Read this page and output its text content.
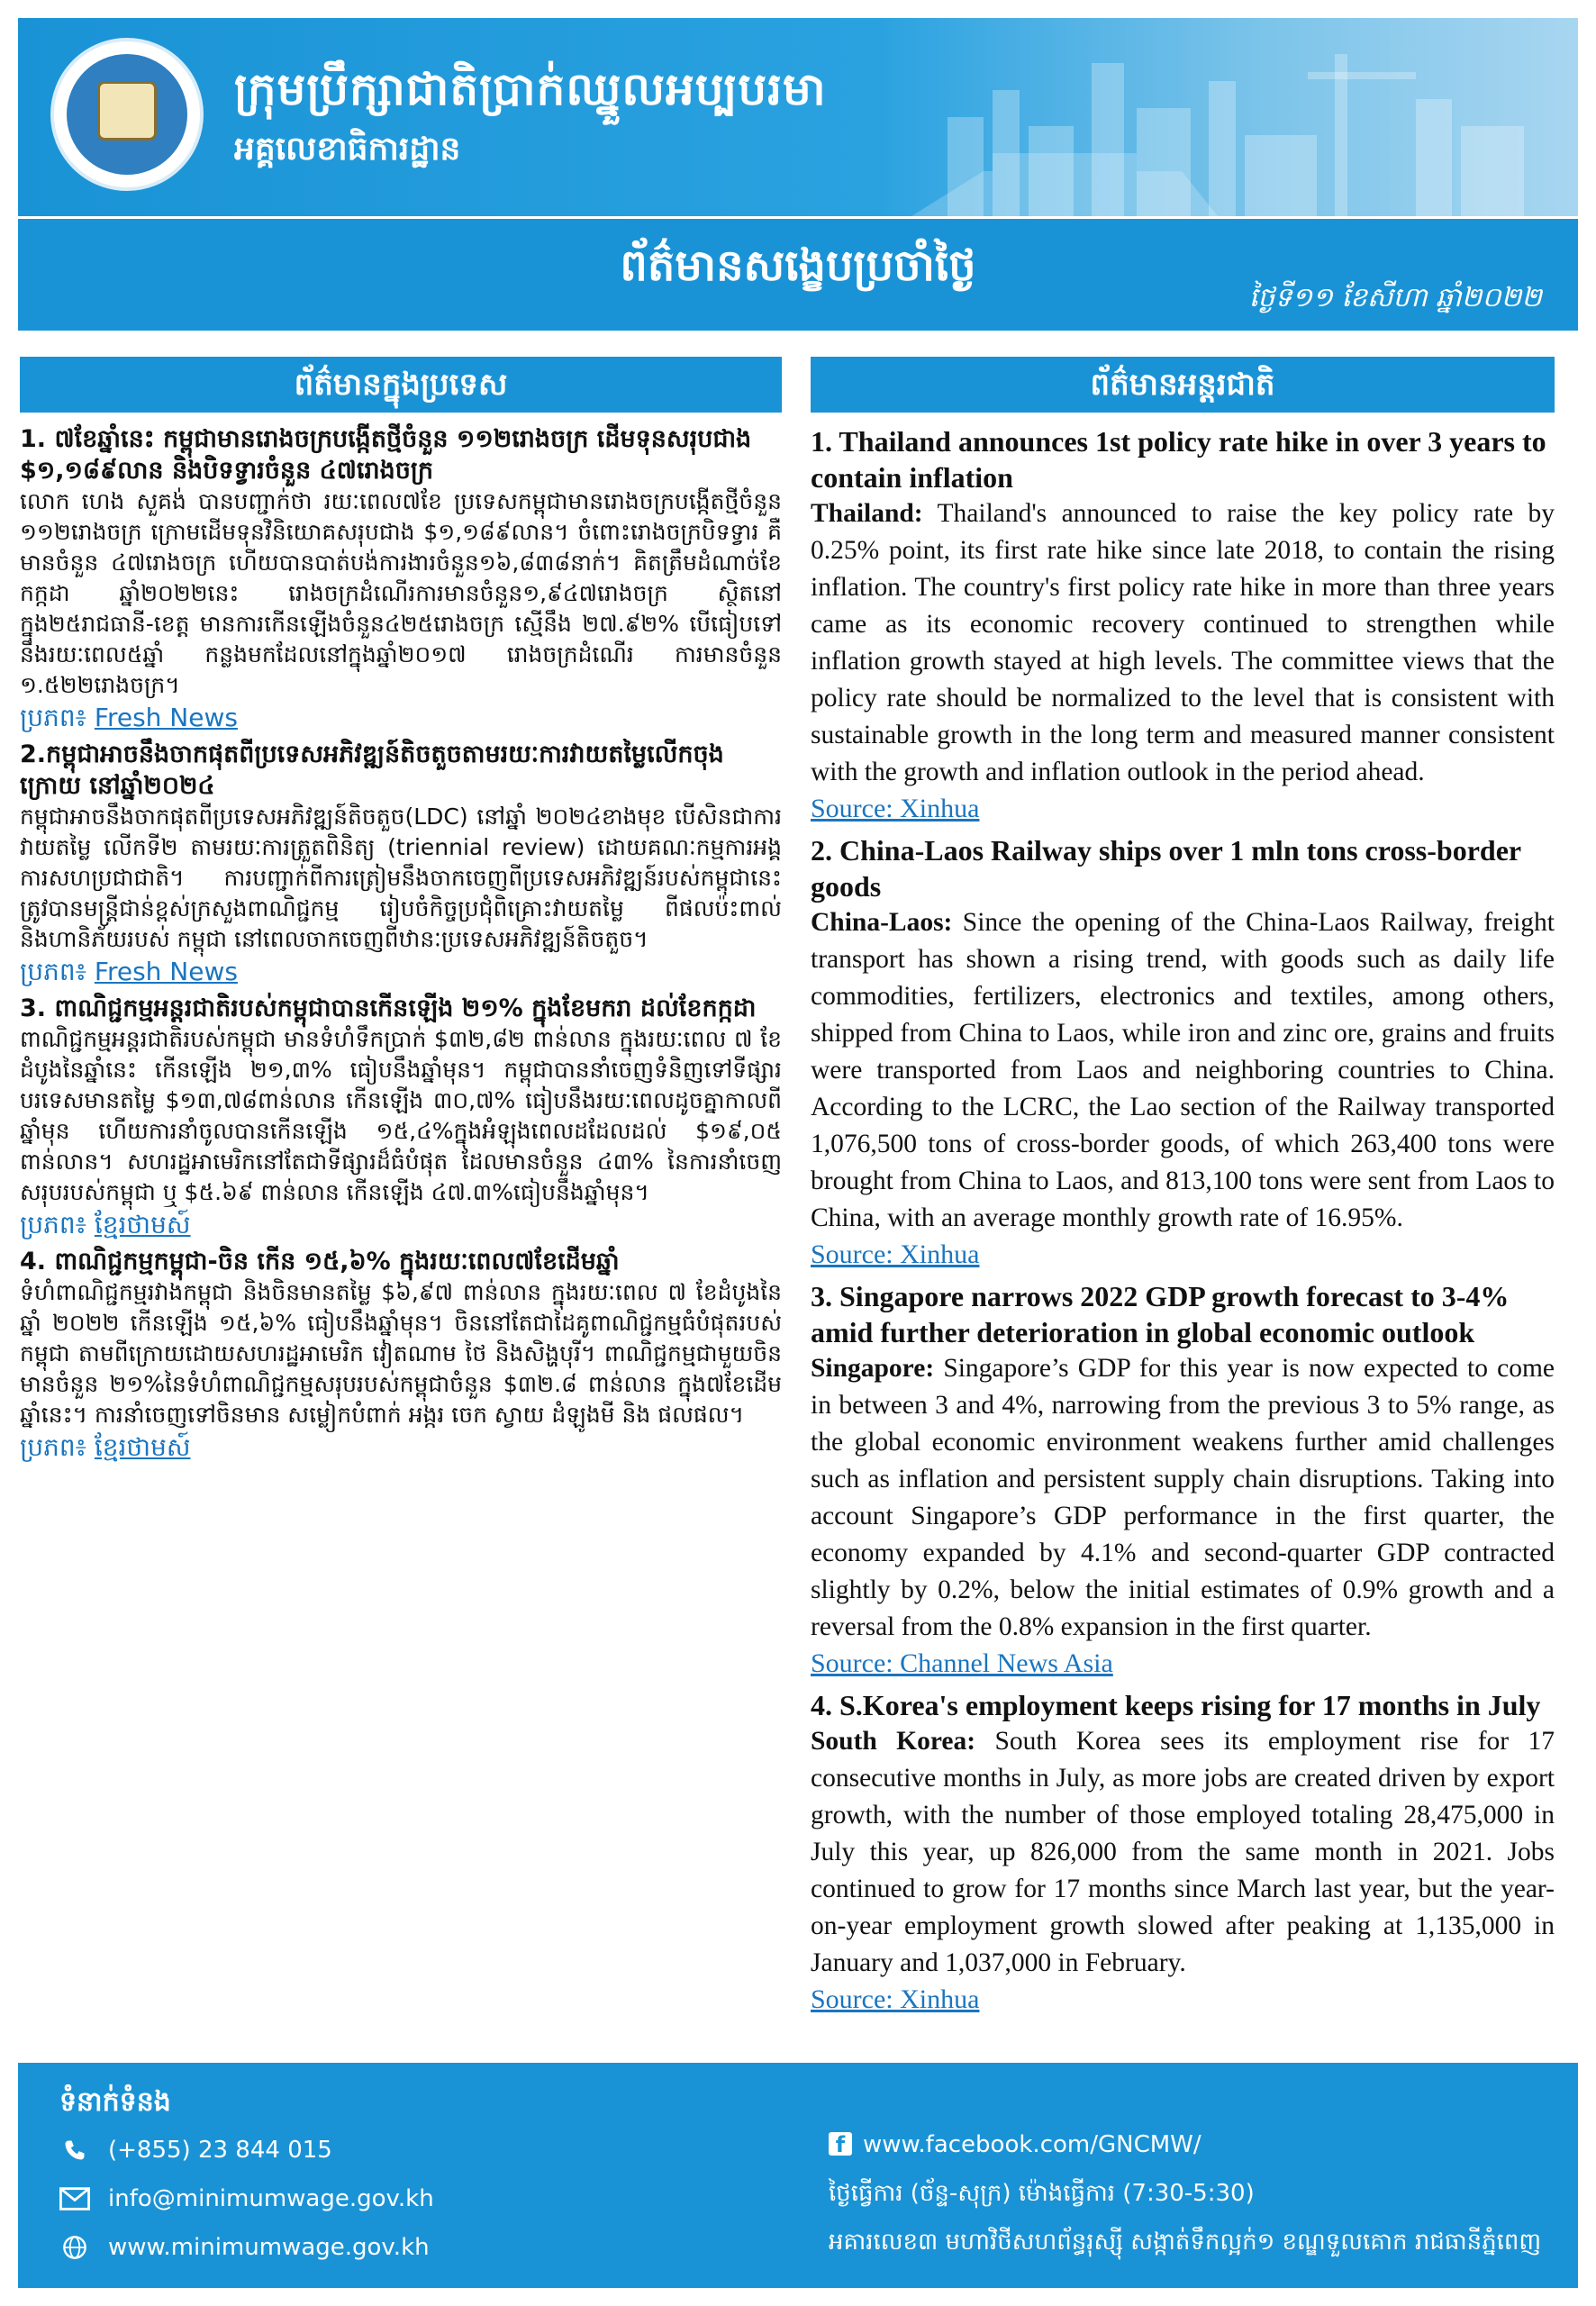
ក្រុមប្រឹក្សាជាតិប្រាក់ឈ្នួលអប្បបរមា
អគ្គលេខាធិការដ្ឋាន
ព័ត៌មានសង្ខេបប្រចាំថ្ងៃ
ថ្ងៃទី១១ ខែសីហា ឆ្នាំ២០២២
ព័ត៌មានក្នុងប្រទេស	ព័ត៌មានអន្តរជាតិ

1. ៧ខែឆ្នាំនេះ កម្ពុជាមានរោងចក្របង្កើតថ្មីចំនួន ១១២រោងចក្រ ដើមទុនសរុបជាង $១,១៨៩លាន និងបិទទ្វារចំនួន ៤៧រោងចក្រ

លោក ហេង សួគង់ បានបញ្ជាក់ថា រយៈពេល៧ខែ ប្រទេសកម្ពុជាមានរោងចក្របង្កើតថ្មីចំនួន ១១២រោងចក្រ ក្រោមដើមទុនវិនិយោគសរុបជាង $១,១៨៩លាន។ ចំពោះរោងចក្របិទទ្វារ គឺមានចំនួន ៤៧រោងចក្រ ហើយបានបាត់បង់ការងារចំនួន១៦,៨៣៨នាក់។ គិតត្រឹមដំណាច់ខែកក្កដា ឆ្នាំ២០២២នេះ រោងចក្រដំណើរការមានចំនួន១,៩៤៧រោងចក្រ ស្ថិតនៅក្នុង២៥រាជធានី-ខេត្ត មានការកើនឡើងចំនួន៤២៥រោងចក្រ ស្មើនឹង ២៧.៩២% បើធៀបទៅនឹងរយៈពេល៥ឆ្នាំ កន្លងមកដែលនៅក្នុងឆ្នាំ២០១៧ រោងចក្រដំណើរ ការមានចំនួន ១.៥២២រោងចក្រ។

ប្រភព៖ Fresh News

2.កម្ពុជាអាចនឹងចាកផុតពីប្រទេសអភិវឌ្ឍន៍តិចតួចតាមរយៈការវាយតម្លៃលើកចុងក្រោយ នៅឆ្នាំ២០២៤

កម្ពុជាអាចនឹងចាកផុតពីប្រទេសអភិវឌ្ឍន៍តិចតួច(LDC) នៅឆ្នាំ ២០២៤ខាងមុខ បើសិនជាការវាយតម្លៃ លើកទី២ តាមរយៈការត្រួតពិនិត្យ (triennial review) ដោយគណៈកម្មការអង្គការសហប្រជាជាតិ។ ការបញ្ជាក់ពីការត្រៀមនឹងចាកចេញពីប្រទេសអភិវឌ្ឍន៍របស់កម្ពុជានេះ ត្រូវបានមន្ត្រីជាន់ខ្ពស់ក្រសួងពាណិជ្ជកម្ម រៀបចំកិច្ចប្រជុំពិគ្រោះវាយតម្លៃ ពីផលប៉ះពាល់និងហានិភ័យរបស់ កម្ពុជា នៅពេលចាកចេញពីឋានៈប្រទេសអភិវឌ្ឍន៍តិចតួច។

ប្រភព៖ Fresh News

3. ពាណិជ្ជកម្មអន្តរជាតិរបស់កម្ពុជាបានកើនឡើង ២១% ក្នុងខែមករា ដល់ខែកក្កដា

ពាណិជ្ជកម្មអន្តរជាតិរបស់កម្ពុជា មានទំហំទឹកប្រាក់ $៣២,៨២ ពាន់លាន ក្នុងរយៈពេល ៧ ខែដំបូងនៃឆ្នាំនេះ កើនឡើង ២១,៣% ធៀបនឹងឆ្នាំមុន។ កម្ពុជាបាននាំចេញទំនិញទៅទីផ្សារបរទេសមានតម្លៃ $១៣,៧៨ពាន់លាន កើនឡើង ៣០,៧% ធៀបនឹងរយៈពេលដូចគ្នាកាលពីឆ្នាំមុន ហើយការនាំចូលបានកើនឡើង ១៥,៤%ក្នុងអំឡុងពេលដដែលដល់ $១៩,០៥ ពាន់លាន។ សហរដ្ឋអាមេរិកនៅតែជាទីផ្សារដ៏ធំបំផុត ដែលមានចំនួន ៤៣% នៃការនាំចេញសរុបរបស់កម្ពុជា ឬ $៥.៦៩ ពាន់លាន កើនឡើង ៤៧.៣%ធៀបនឹងឆ្នាំមុន។

ប្រភព៖ ខ្មែរថាមស៍

4. ពាណិជ្ជកម្មកម្ពុជា-ចិន កើន ១៥,៦% ក្នុងរយៈពេល៧ខែដើមឆ្នាំ

ទំហំពាណិជ្ជកម្មរវាងកម្ពុជា និងចិនមានតម្លៃ $៦,៩៧ ពាន់លាន ក្នុងរយៈពេល ៧ ខែដំបូងនៃឆ្នាំ ២០២២ កើនឡើង ១៥,៦% ធៀបនឹងឆ្នាំមុន។ ចិននៅតែជាដៃគូពាណិជ្ជកម្មធំបំផុតរបស់កម្ពុជា តាមពីក្រោយដោយសហរដ្ឋអាមេរិក វៀតណាម ថៃ និងសិង្ហបុរី។ ពាណិជ្ជកម្មជាមួយចិនមានចំនួន ២១%នៃទំហំពាណិជ្ជកម្មសរុបរបស់កម្ពុជាចំនួន $៣២.៨ ពាន់លាន ក្នុង៧ខែដើមឆ្នាំនេះ។ ការនាំចេញទៅចិនមាន សម្លៀកបំពាក់ អង្ករ ចេក ស្វាយ ដំឡូងមី និង ផលផល។

ប្រភព៖ ខ្មែរថាមស៍

1. Thailand announces 1st policy rate hike in over 3 years to contain inflation

Thailand: Thailand's announced to raise the key policy rate by 0.25% point, its first rate hike since late 2018, to contain the rising inflation. The country's first policy rate hike in more than three years came as its economic recovery continued to strengthen while inflation growth stayed at high levels. The committee views that the policy rate should be normalized to the level that is consistent with sustainable growth in the long term and measured manner consistent with the growth and inflation outlook in the period ahead.

Source: Xinhua

2. China-Laos Railway ships over 1 mln tons cross-border goods

China-Laos: Since the opening of the China-Laos Railway, freight transport has shown a rising trend, with goods such as daily life commodities, fertilizers, electronics and textiles, among others, shipped from China to Laos, while iron and zinc ore, grains and fruits were transported from Laos and neighboring countries to China. According to the LCRC, the Lao section of the Railway transported 1,076,500 tons of cross-border goods, of which 263,400 tons were brought from China to Laos, and 813,100 tons were sent from Laos to China, with an average monthly growth rate of 16.95%.

Source: Xinhua

3. Singapore narrows 2022 GDP growth forecast to 3-4% amid further deterioration in global economic outlook

Singapore: Singapore’s GDP for this year is now expected to come in between 3 and 4%, narrowing from the previous 3 to 5% range, as the global economic environment weakens further amid challenges such as inflation and persistent supply chain disruptions. Taking into account Singapore’s GDP performance in the first quarter, the economy expanded by 4.1% and second-quarter GDP contracted slightly by 0.2%, below the initial estimates of 0.9% growth and a reversal from the 0.8% expansion in the first quarter.

Source: Channel News Asia

4. S.Korea's employment keeps rising for 17 months in July

South Korea: South Korea sees its employment rise for 17 consecutive months in July, as more jobs are created driven by export growth, with the number of those employed totaling 28,475,000 in July this year, up 826,000 from the same month in 2021. Jobs continued to grow for 17 months since March last year, but the year-on-year employment growth slowed after peaking at 1,135,000 in January and 1,037,000 in February.

Source: Xinhua

ទំនាក់ទំនង
(+855) 23 844 015
info@minimumwage.gov.kh
www.minimumwage.gov.kh
f www.facebook.com/GNCMW/
ថ្ងៃធ្វើការ (ច័ន្ទ-សុក្រ) ម៉ោងធ្វើការ (7:30-5:30)
អគារលេខ៣ មហាវិថីសហព័ន្ធរុស្ស៊ី សង្កាត់ទឹកល្អក់១ ខណ្ឌទួលគោក រាជធានីភ្នំពេញ
